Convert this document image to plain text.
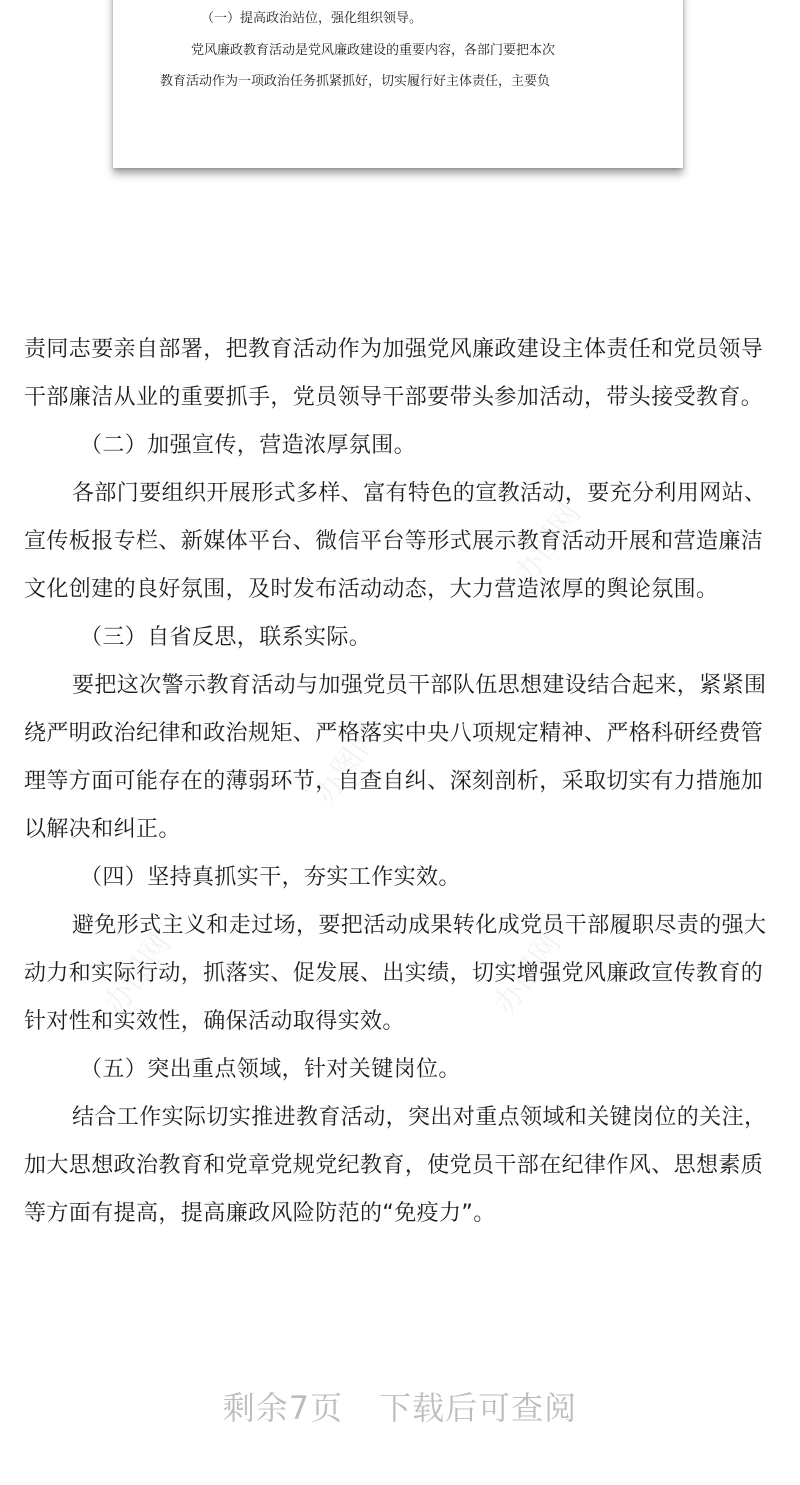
（一）提高政治站位，强化组织领导。
党风廉政教育活动是党风廉政建设的重要内容，各部门要把本次
教育活动作为一项政治任务抓紧抓好，切实履行好主体责任，主要负
办图网
办图网
办图网	办图网

责同志要亲自部署，把教育活动作为加强党风廉政建设主体责任和党员领导干部廉洁从业的重要抓手，党员领导干部要带头参加活动，带头接受教育。

（二）加强宣传，营造浓厚氛围。

各部门要组织开展形式多样、富有特色的宣教活动，要充分利用网站、宣传板报专栏、新媒体平台、微信平台等形式展示教育活动开展和营造廉洁文化创建的良好氛围，及时发布活动动态，大力营造浓厚的舆论氛围。

（三）自省反思，联系实际。

要把这次警示教育活动与加强党员干部队伍思想建设结合起来，紧紧围绕严明政治纪律和政治规矩、严格落实中央八项规定精神、严格科研经费管理等方面可能存在的薄弱环节，自查自纠、深刻剖析，采取切实有力措施加以解决和纠正。

（四）坚持真抓实干，夯实工作实效。

避免形式主义和走过场，要把活动成果转化成党员干部履职尽责的强大动力和实际行动，抓落实、促发展、出实绩，切实增强党风廉政宣传教育的针对性和实效性，确保活动取得实效。

（五）突出重点领域，针对关键岗位。

结合工作实际切实推进教育活动，突出对重点领域和关键岗位的关注，加大思想政治教育和党章党规党纪教育，使党员干部在纪律作风、思想素质等方面有提高，提高廉政风险防范的“免疫力”。

剩余7页 下载后可查阅
